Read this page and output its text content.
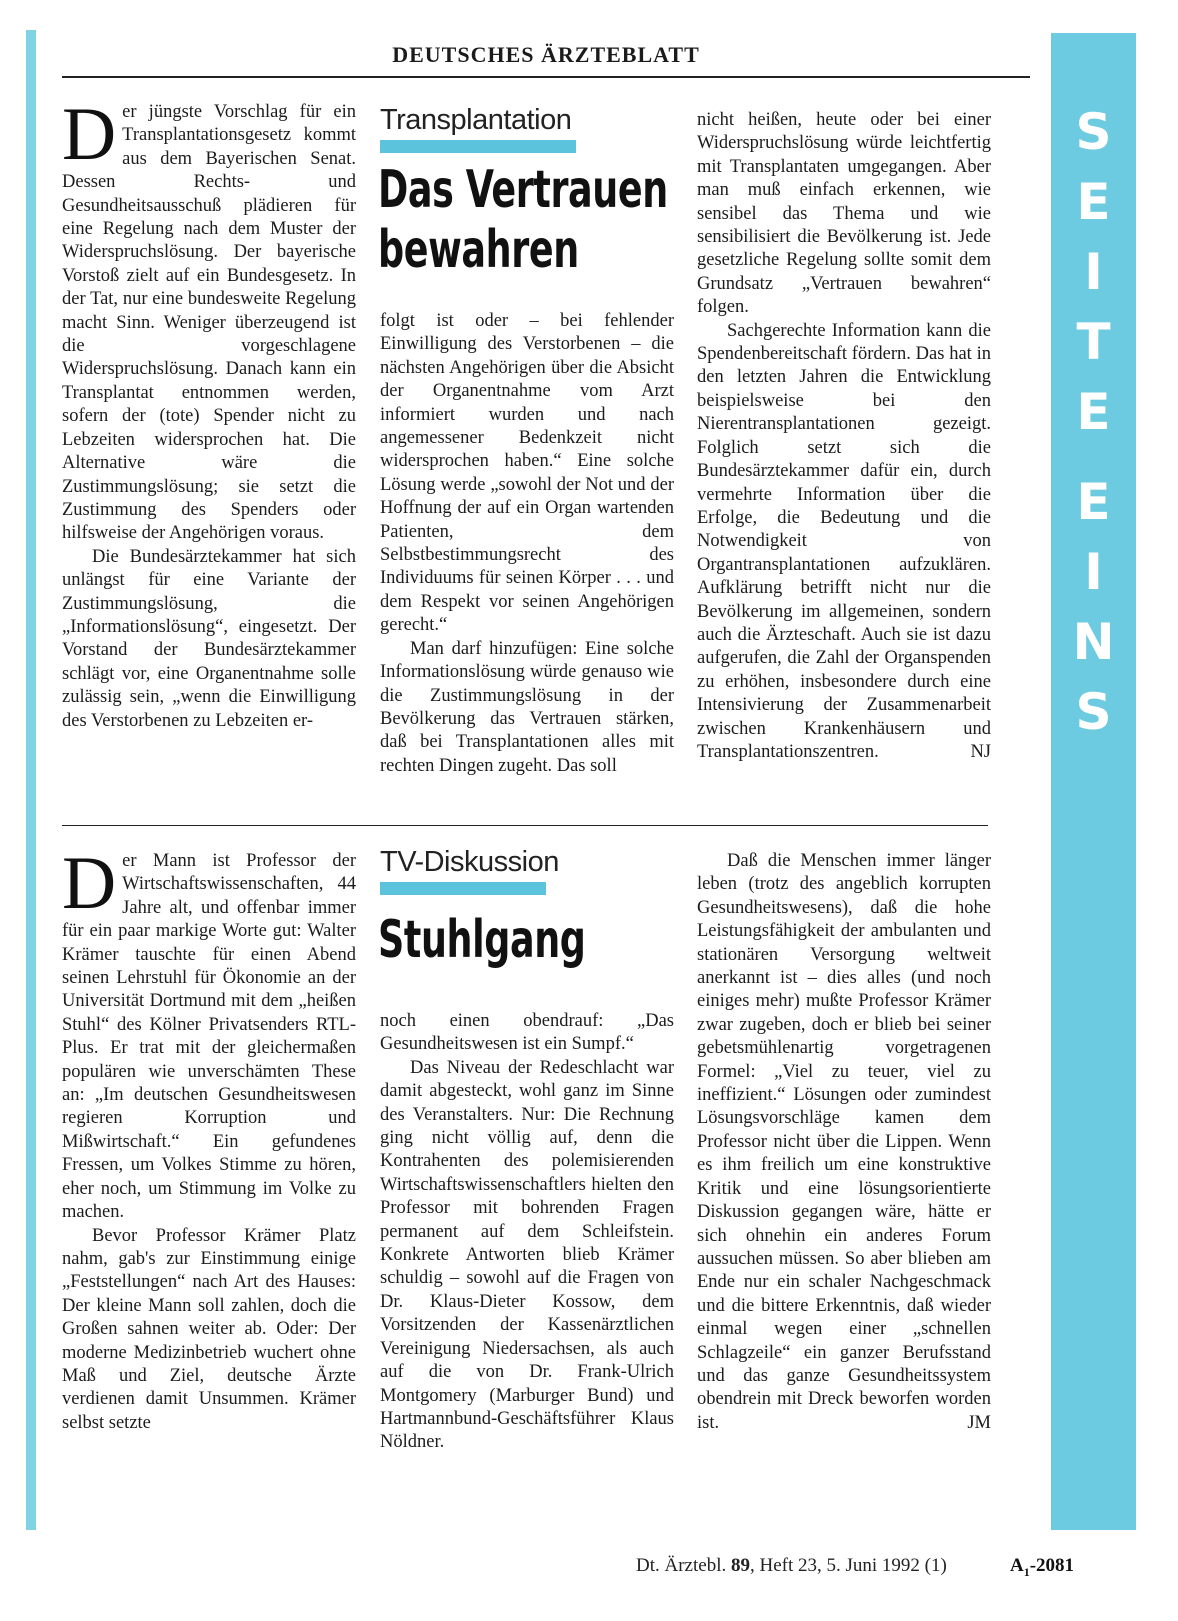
S
E
I
T
E
E
I
N
S
DEUTSCHES ÄRZTEBLATT

Der jüngste Vorschlag für ein Transplantationsgesetz kommt aus dem Bayerischen Senat. Dessen Rechts- und Gesundheitsausschuß plädieren für eine Regelung nach dem Muster der Widerspruchslösung. Der bayerische Vorstoß zielt auf ein Bundesgesetz. In der Tat, nur eine bundesweite Regelung macht Sinn. Weniger überzeugend ist die vorgeschlagene Widerspruchslösung. Danach kann ein Transplantat entnommen werden, sofern der (tote) Spender nicht zu Lebzeiten widersprochen hat. Die Alternative wäre die Zustimmungslösung; sie setzt die Zustimmung des Spenders oder hilfsweise der Angehörigen voraus.

Die Bundesärztekammer hat sich unlängst für eine Variante der Zustimmungslösung, die „Informationslösung“, eingesetzt. Der Vorstand der Bundesärztekammer schlägt vor, eine Organentnahme solle zulässig sein, „wenn die Einwilligung des Verstorbenen zu Lebzeiten er-

Transplantation
Das Vertrauen
bewahren

folgt ist oder – bei fehlender Einwilligung des Verstorbenen – die nächsten Angehörigen über die Absicht der Organentnahme vom Arzt informiert wurden und nach angemessener Bedenkzeit nicht widersprochen haben.“ Eine solche Lösung werde „sowohl der Not und der Hoffnung der auf ein Organ wartenden Patienten, dem Selbstbestimmungsrecht des Individuums für seinen Körper . . . und dem Respekt vor seinen Angehörigen gerecht.“

Man darf hinzufügen: Eine solche Informationslösung würde genauso wie die Zustimmungslösung in der Bevölkerung das Vertrauen stärken, daß bei Transplantationen alles mit rechten Dingen zugeht. Das soll

nicht heißen, heute oder bei einer Widerspruchslösung würde leichtfertig mit Transplantaten umgegangen. Aber man muß einfach erkennen, wie sensibel das Thema und wie sensibilisiert die Bevölkerung ist. Jede gesetzliche Regelung sollte somit dem Grundsatz „Vertrauen bewahren“ folgen.

Sachgerechte Information kann die Spendenbereitschaft fördern. Das hat in den letzten Jahren die Entwicklung beispielsweise bei den Nierentransplantationen gezeigt. Folglich setzt sich die Bundesärztekammer dafür ein, durch vermehrte Information über die Erfolge, die Bedeutung und die Notwendigkeit von Organtransplantationen aufzuklären. Aufklärung betrifft nicht nur die Bevölkerung im allgemeinen, sondern auch die Ärzteschaft. Auch sie ist dazu aufgerufen, die Zahl der Organspenden zu erhöhen, insbesondere durch eine Intensivierung der Zusammenarbeit zwischen Krankenhäusern und Transplantationszentren.	NJ

Der Mann ist Professor der Wirtschaftswissenschaften, 44 Jahre alt, und offenbar immer für ein paar markige Worte gut: Walter Krämer tauschte für einen Abend seinen Lehrstuhl für Ökonomie an der Universität Dortmund mit dem „heißen Stuhl“ des Kölner Privatsenders RTL-Plus. Er trat mit der gleichermaßen populären wie unverschämten These an: „Im deutschen Gesundheitswesen regieren Korruption und Mißwirtschaft.“ Ein gefundenes Fressen, um Volkes Stimme zu hören, eher noch, um Stimmung im Volke zu machen.

Bevor Professor Krämer Platz nahm, gab's zur Einstimmung einige „Feststellungen“ nach Art des Hauses: Der kleine Mann soll zahlen, doch die Großen sahnen weiter ab. Oder: Der moderne Medizinbetrieb wuchert ohne Maß und Ziel, deutsche Ärzte verdienen damit Unsummen. Krämer selbst setzte

TV-Diskussion
Stuhlgang

noch einen obendrauf: „Das Gesundheitswesen ist ein Sumpf.“

Das Niveau der Redeschlacht war damit abgesteckt, wohl ganz im Sinne des Veranstalters. Nur: Die Rechnung ging nicht völlig auf, denn die Kontrahenten des polemisierenden Wirtschaftswissenschaftlers hielten den Professor mit bohrenden Fragen permanent auf dem Schleifstein. Konkrete Antworten blieb Krämer schuldig – sowohl auf die Fragen von Dr. Klaus-Dieter Kossow, dem Vorsitzenden der Kassenärztlichen Vereinigung Niedersachsen, als auch auf die von Dr. Frank-Ulrich Montgomery (Marburger Bund) und Hartmannbund-Geschäftsführer Klaus Nöldner.

Daß die Menschen immer länger leben (trotz des angeblich korrupten Gesundheitswesens), daß die hohe Leistungsfähigkeit der ambulanten und stationären Versorgung weltweit anerkannt ist – dies alles (und noch einiges mehr) mußte Professor Krämer zwar zugeben, doch er blieb bei seiner gebetsmühlenartig vorgetragenen Formel: „Viel zu teuer, viel zu ineffizient.“ Lösungen oder zumindest Lösungsvorschläge kamen dem Professor nicht über die Lippen. Wenn es ihm freilich um eine konstruktive Kritik und eine lösungsorientierte Diskussion gegangen wäre, hätte er sich ohnehin ein anderes Forum aussuchen müssen. So aber blieben am Ende nur ein schaler Nachgeschmack und die bittere Erkenntnis, daß wieder einmal wegen einer „schnellen Schlagzeile“ ein ganzer Berufsstand und das ganze Gesundheitssystem obendrein mit Dreck beworfen worden ist.	JM

Dt. Ärztebl. 89, Heft 23, 5. Juni 1992 (1)	$A_1-2081$
